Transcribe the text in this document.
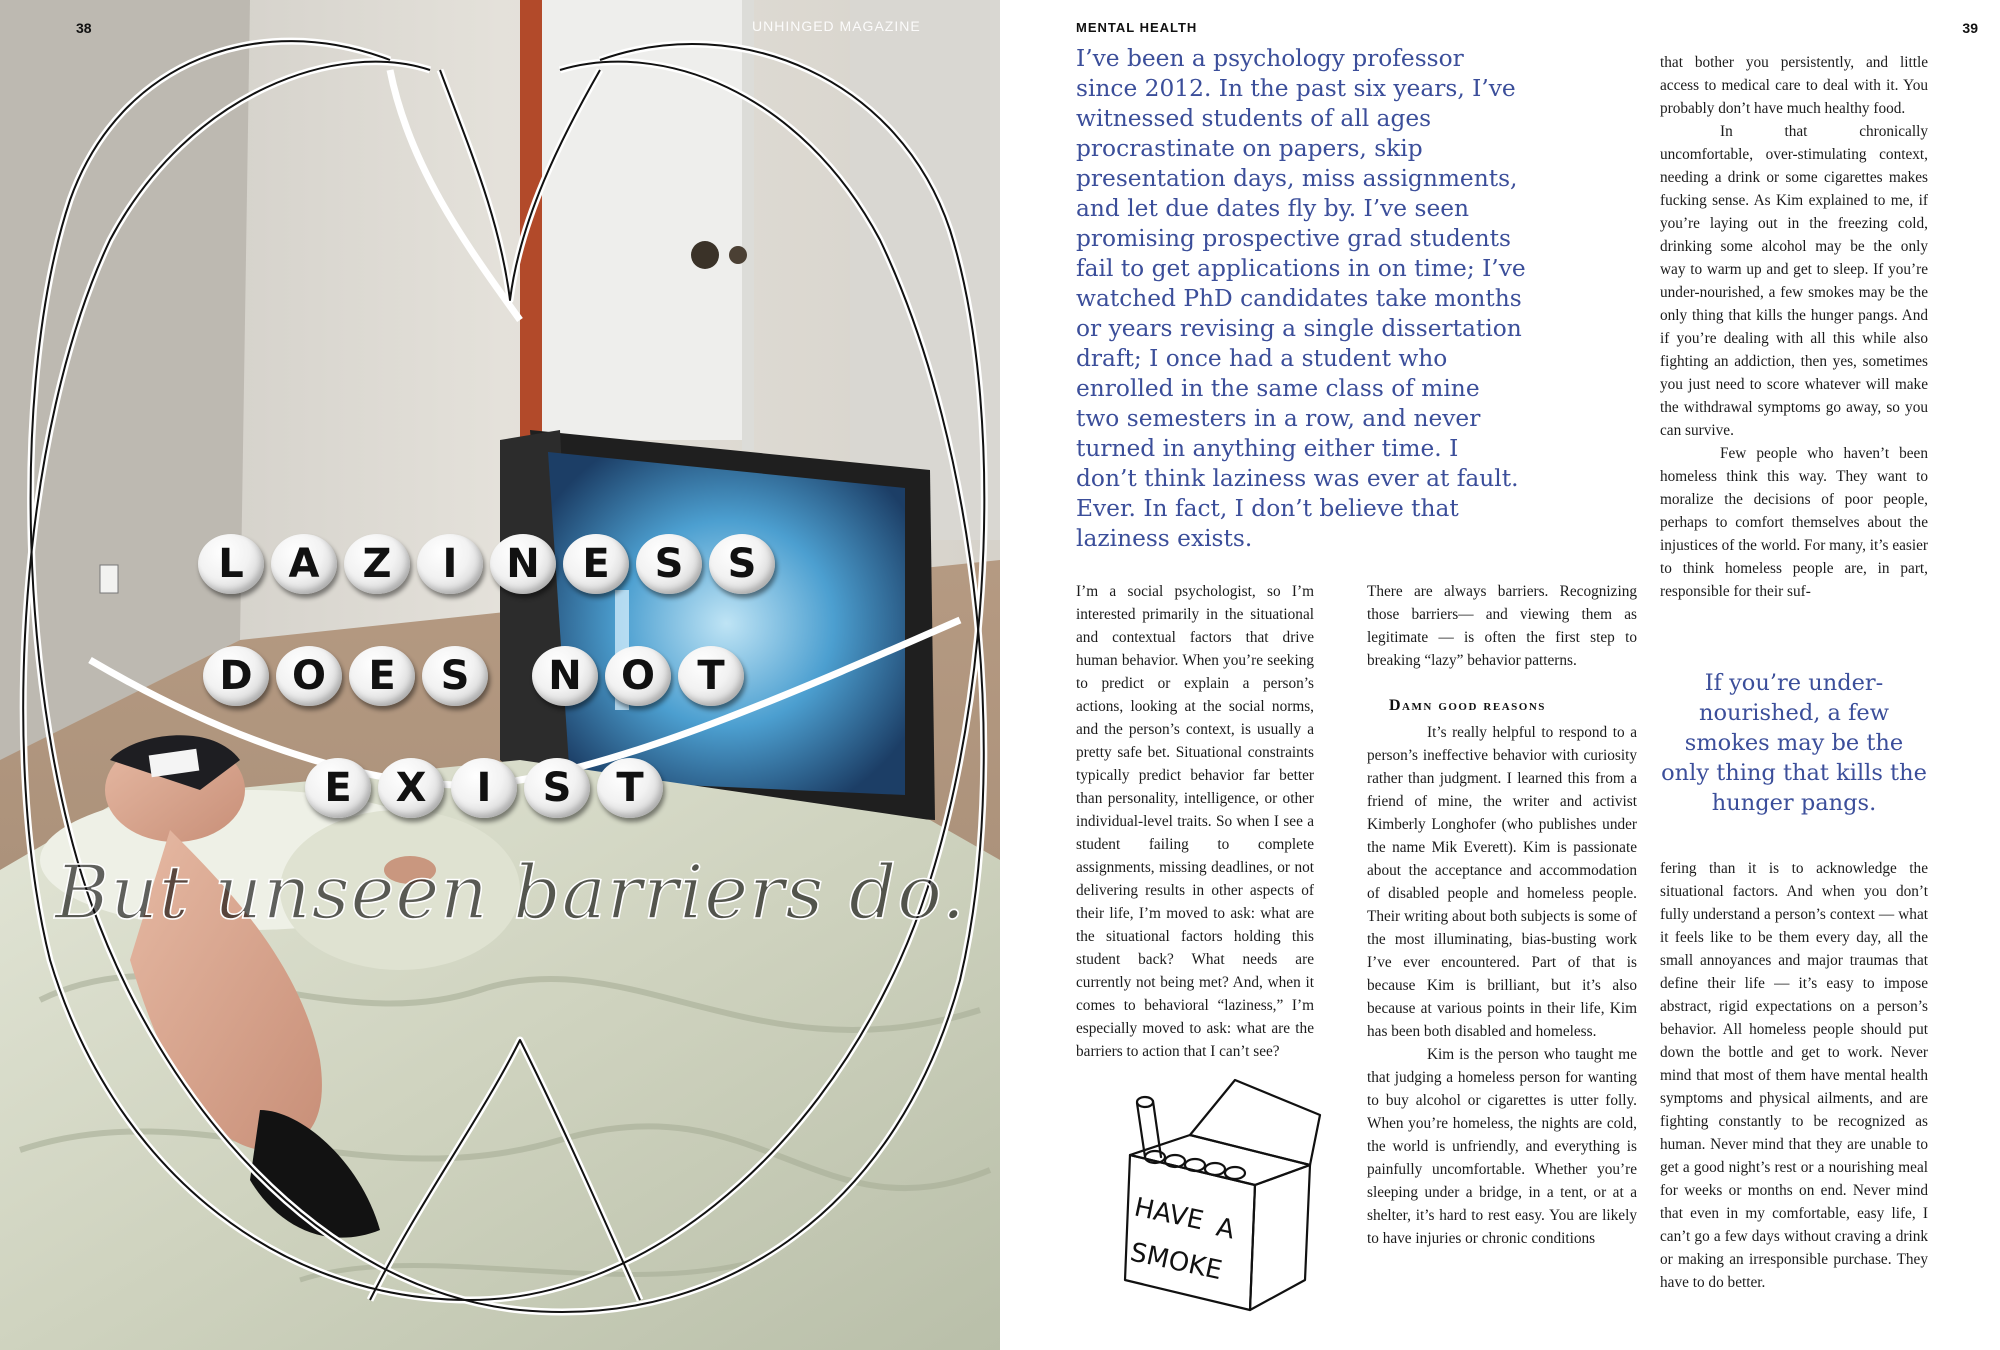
38	UNHINGED MAGAZINE
L	A	Z	I	N	E	S	S
D O	E	S	N O	T
E	X	I	S	T
But unseen barriers do.
MENTAL HEALTH	39
I’ve been a psychology professor since 2012. In the past six years, I’ve witnessed students of all ages procrastinate on papers, skip presentation days, miss assignments, and let due dates fly by. I’ve seen promising prospective grad students fail to get applications in on time; I’ve watched PhD candidates take months or years revising a single dissertation draft; I once had a student who enrolled in the same class of mine two semesters in a row, and never turned in anything either time. I don’t think laziness was ever at fault. Ever. In fact, I don’t believe that laziness exists.

I’m a social psychologist, so I’m interested primarily in the situational and contextual factors that drive human behavior. When you’re seeking to predict or explain a person’s actions, looking at the social norms, and the person’s context, is usually a pretty safe bet. Situational constraints typically predict behavior far better than personality, intelligence, or other individual-level traits. So when I see a student failing to complete assignments, missing deadlines, or not delivering results in other aspects of their life, I’m moved to ask: what are the situational factors holding this student back? What needs are currently not being met? And, when it comes to behavioral “laziness,” I’m especially moved to ask: what are the barriers to action that I can’t see?

There are always barriers. Recognizing those barriers— and viewing them as legitimate — is often the first step to breaking “lazy” behavior patterns.

Damn good reasons

It’s really helpful to respond to a person’s ineffective behavior with curiosity rather than judgment. I learned this from a friend of mine, the writer and activist Kimberly Longhofer (who publishes under the name Mik Everett). Kim is passionate about the acceptance and accommodation of disabled people and homeless people. Their writing about both subjects is some of the most illuminating, bias-busting work I’ve ever encountered. Part of that is because Kim is brilliant, but it’s also because at various points in their life, Kim has been both disabled and homeless.

Kim is the person who taught me that judging a homeless person for wanting to buy alcohol or cigarettes is utter folly. When you’re homeless, the nights are cold, the world is unfriendly, and everything is painfully uncomfortable. Whether you’re sleeping under a bridge, in a tent, or at a shelter, it’s hard to rest easy. You are likely to have injuries or chronic conditions

that bother you persistently, and little access to medical care to deal with it. You probably don’t have much healthy food.

In that chronically uncomfortable, over-stimulating context, needing a drink or some cigarettes makes fucking sense. As Kim explained to me, if you’re laying out in the freezing cold, drinking some alcohol may be the only way to warm up and get to sleep. If you’re under-nourished, a few smokes may be the only thing that kills the hunger pangs. And if you’re dealing with all this while also fighting an addiction, then yes, sometimes you just need to score whatever will make the withdrawal symptoms go away, so you can survive.

Few people who haven’t been homeless think this way. They want to moralize the decisions of poor people, perhaps to comfort themselves about the injustices of the world. For many, it’s easier to think homeless people are, in part, responsible for their suf-

If you’re under-nourished, a few smokes may be the only thing that kills the hunger pangs.

fering than it is to acknowledge the situational factors. And when you don’t fully understand a person’s context — what it feels like to be them every day, all the small annoyances and major traumas that define their life — it’s easy to impose abstract, rigid expectations on a person’s behavior. All homeless people should put down the bottle and get to work. Never mind that most of them have mental health symptoms and physical ailments, and are fighting constantly to be recognized as human. Never mind that they are unable to get a good night’s rest or a nourishing meal for weeks or months on end. Never mind that even in my comfortable, easy life, I can’t go a few days without craving a drink or making an irresponsible purchase. They have to do better.

HAVE A
SMOKE
